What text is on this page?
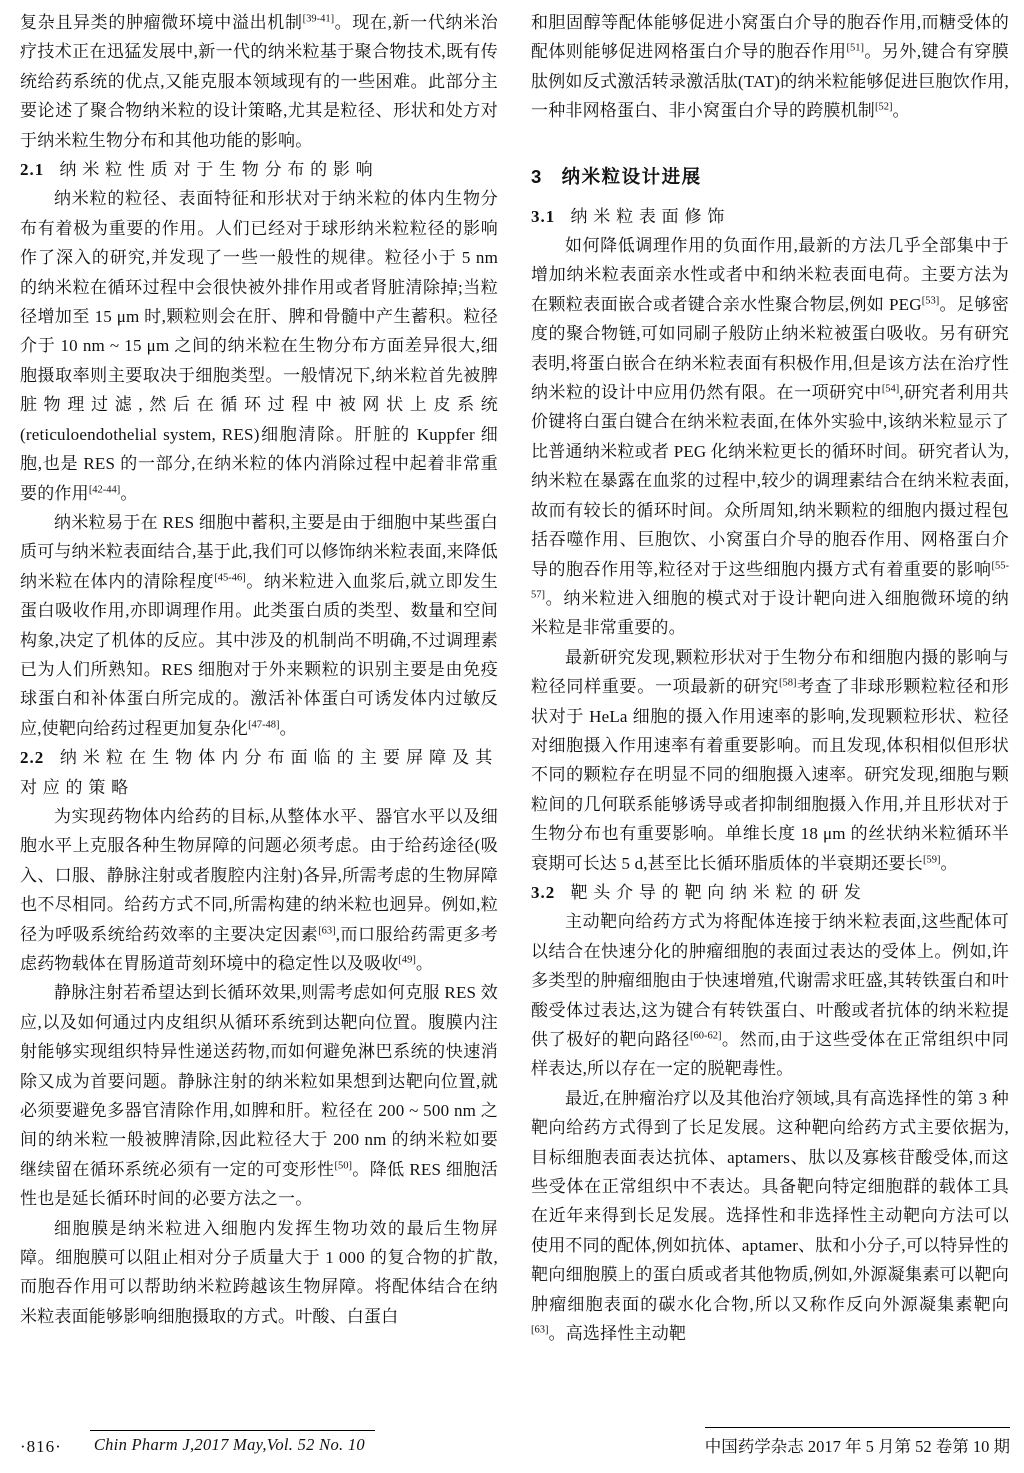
复杂且异类的肿瘤微环境中溢出机制[39-41]。现在,新一代纳米治疗技术正在迅猛发展中,新一代的纳米粒基于聚合物技术,既有传统给药系统的优点,又能克服本领域现有的一些困难。此部分主要论述了聚合物纳米粒的设计策略,尤其是粒径、形状和处方对于纳米粒生物分布和其他功能的影响。

2.1 纳米粒性质对于生物分布的影响

纳米粒的粒径、表面特征和形状对于纳米粒的体内生物分布有着极为重要的作用。人们已经对于球形纳米粒粒径的影响作了深入的研究,并发现了一些一般性的规律。粒径小于 5 nm 的纳米粒在循环过程中会很快被外排作用或者肾脏清除掉;当粒径增加至 15 μm 时,颗粒则会在肝、脾和骨髓中产生蓄积。粒径介于 10 nm ~ 15 μm 之间的纳米粒在生物分布方面差异很大,细胞摄取率则主要取决于细胞类型。一般情况下,纳米粒首先被脾脏物理过滤,然后在循环过程中被网状上皮系统(reticuloendothelial system, RES)细胞清除。肝脏的 Kuppfer 细胞,也是 RES 的一部分,在纳米粒的体内消除过程中起着非常重要的作用[42-44]。

纳米粒易于在 RES 细胞中蓄积,主要是由于细胞中某些蛋白质可与纳米粒表面结合,基于此,我们可以修饰纳米粒表面,来降低纳米粒在体内的清除程度[45-46]。纳米粒进入血浆后,就立即发生蛋白吸收作用,亦即调理作用。此类蛋白质的类型、数量和空间构象,决定了机体的反应。其中涉及的机制尚不明确,不过调理素已为人们所熟知。RES 细胞对于外来颗粒的识别主要是由免疫球蛋白和补体蛋白所完成的。激活补体蛋白可诱发体内过敏反应,使靶向给药过程更加复杂化[47-48]。

2.2 纳米粒在生物体内分布面临的主要屏障及其对应的策略

为实现药物体内给药的目标,从整体水平、器官水平以及细胞水平上克服各种生物屏障的问题必须考虑。由于给药途径(吸入、口服、静脉注射或者腹腔内注射)各异,所需考虑的生物屏障也不尽相同。给药方式不同,所需构建的纳米粒也迥异。例如,粒径为呼吸系统给药效率的主要决定因素[63],而口服给药需更多考虑药物载体在胃肠道苛刻环境中的稳定性以及吸收[49]。

静脉注射若希望达到长循环效果,则需考虑如何克服 RES 效应,以及如何通过内皮组织从循环系统到达靶向位置。腹膜内注射能够实现组织特异性递送药物,而如何避免淋巴系统的快速消除又成为首要问题。静脉注射的纳米粒如果想到达靶向位置,就必须要避免多器官清除作用,如脾和肝。粒径在 200 ~ 500 nm 之间的纳米粒一般被脾清除,因此粒径大于 200 nm 的纳米粒如要继续留在循环系统必须有一定的可变形性[50]。降低 RES 细胞活性也是延长循环时间的必要方法之一。

细胞膜是纳米粒进入细胞内发挥生物功效的最后生物屏障。细胞膜可以阻止相对分子质量大于 1 000 的复合物的扩散,而胞吞作用可以帮助纳米粒跨越该生物屏障。将配体结合在纳米粒表面能够影响细胞摄取的方式。叶酸、白蛋白

和胆固醇等配体能够促进小窝蛋白介导的胞吞作用,而糖受体的配体则能够促进网格蛋白介导的胞吞作用[51]。另外,键合有穿膜肽例如反式激活转录激活肽(TAT)的纳米粒能够促进巨胞饮作用,一种非网格蛋白、非小窝蛋白介导的跨膜机制[52]。

3 纳米粒设计进展
3.1 纳米粒表面修饰

如何降低调理作用的负面作用,最新的方法几乎全部集中于增加纳米粒表面亲水性或者中和纳米粒表面电荷。主要方法为在颗粒表面嵌合或者键合亲水性聚合物层,例如 PEG[53]。足够密度的聚合物链,可如同刷子般防止纳米粒被蛋白吸收。另有研究表明,将蛋白嵌合在纳米粒表面有积极作用,但是该方法在治疗性纳米粒的设计中应用仍然有限。在一项研究中[54],研究者利用共价键将白蛋白键合在纳米粒表面,在体外实验中,该纳米粒显示了比普通纳米粒或者 PEG 化纳米粒更长的循环时间。研究者认为,纳米粒在暴露在血浆的过程中,较少的调理素结合在纳米粒表面,故而有较长的循环时间。众所周知,纳米颗粒的细胞内摄过程包括吞噬作用、巨胞饮、小窝蛋白介导的胞吞作用、网格蛋白介导的胞吞作用等,粒径对于这些细胞内摄方式有着重要的影响[55-57]。纳米粒进入细胞的模式对于设计靶向进入细胞微环境的纳米粒是非常重要的。

最新研究发现,颗粒形状对于生物分布和细胞内摄的影响与粒径同样重要。一项最新的研究[58]考查了非球形颗粒粒径和形状对于 HeLa 细胞的摄入作用速率的影响,发现颗粒形状、粒径对细胞摄入作用速率有着重要影响。而且发现,体积相似但形状不同的颗粒存在明显不同的细胞摄入速率。研究发现,细胞与颗粒间的几何联系能够诱导或者抑制细胞摄入作用,并且形状对于生物分布也有重要影响。单维长度 18 μm 的丝状纳米粒循环半衰期可长达 5 d,甚至比长循环脂质体的半衰期还要长[59]。

3.2 靶头介导的靶向纳米粒的研发

主动靶向给药方式为将配体连接于纳米粒表面,这些配体可以结合在快速分化的肿瘤细胞的表面过表达的受体上。例如,许多类型的肿瘤细胞由于快速增殖,代谢需求旺盛,其转铁蛋白和叶酸受体过表达,这为键合有转铁蛋白、叶酸或者抗体的纳米粒提供了极好的靶向路径[60-62]。然而,由于这些受体在正常组织中同样表达,所以存在一定的脱靶毒性。

最近,在肿瘤治疗以及其他治疗领域,具有高选择性的第 3 种靶向给药方式得到了长足发展。这种靶向给药方式主要依据为,目标细胞表面表达抗体、aptamers、肽以及寡核苷酸受体,而这些受体在正常组织中不表达。具备靶向特定细胞群的载体工具在近年来得到长足发展。选择性和非选择性主动靶向方法可以使用不同的配体,例如抗体、aptamer、肽和小分子,可以特异性的靶向细胞膜上的蛋白质或者其他物质,例如,外源凝集素可以靶向肿瘤细胞表面的碳水化合物,所以又称作反向外源凝集素靶向[63]。高选择性主动靶

·816· Chin Pharm J,2017 May,Vol. 52 No. 10	中国药学杂志 2017 年 5 月第 52 卷第 10 期
